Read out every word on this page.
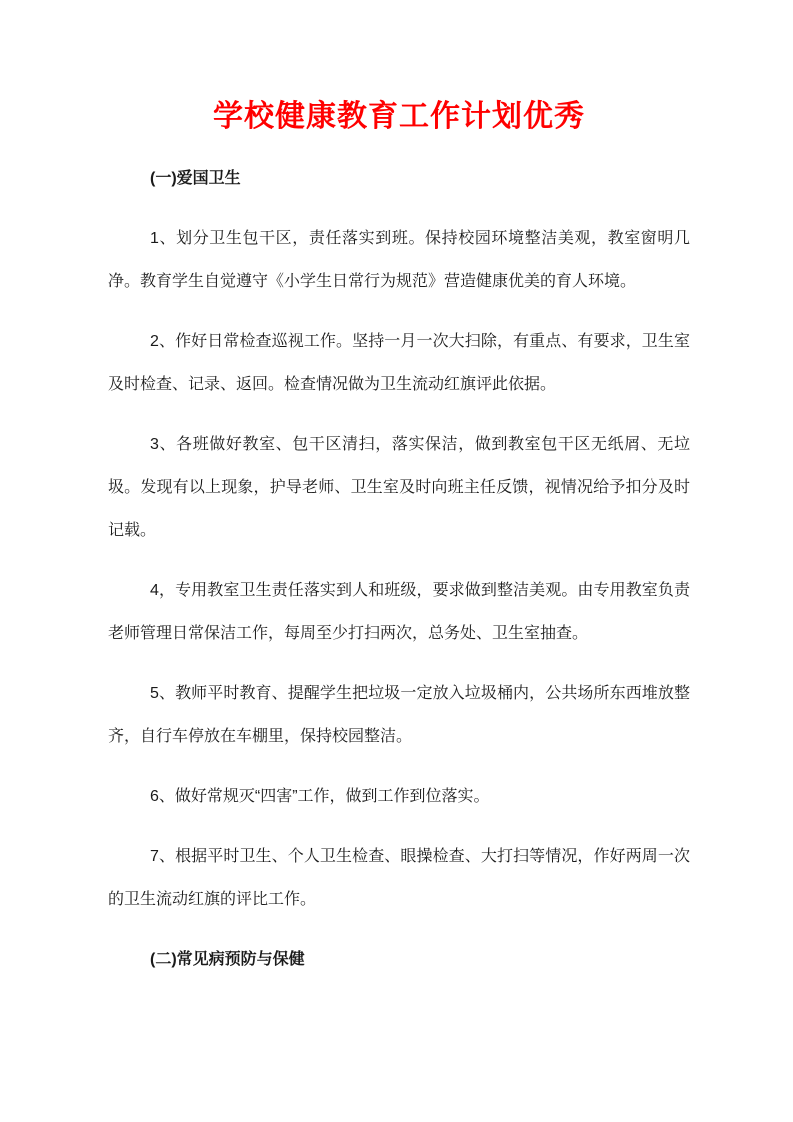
学校健康教育工作计划优秀

(一)爱国卫生

1、划分卫生包干区，责任落实到班。保持校园环境整洁美观，教室窗明几净。教育学生自觉遵守《小学生日常行为规范》营造健康优美的育人环境。

2、作好日常检查巡视工作。坚持一月一次大扫除，有重点、有要求，卫生室及时检查、记录、返回。检查情况做为卫生流动红旗评此依据。

3、各班做好教室、包干区清扫，落实保洁，做到教室包干区无纸屑、无垃圾。发现有以上现象，护导老师、卫生室及时向班主任反馈，视情况给予扣分及时记载。

4，专用教室卫生责任落实到人和班级，要求做到整洁美观。由专用教室负责老师管理日常保洁工作，每周至少打扫两次，总务处、卫生室抽查。

5、教师平时教育、提醒学生把垃圾一定放入垃圾桶内，公共场所东西堆放整齐，自行车停放在车棚里，保持校园整洁。

6、做好常规灭“四害”工作，做到工作到位落实。

7、根据平时卫生、个人卫生检查、眼操检查、大打扫等情况，作好两周一次的卫生流动红旗的评比工作。

(二)常见病预防与保健
